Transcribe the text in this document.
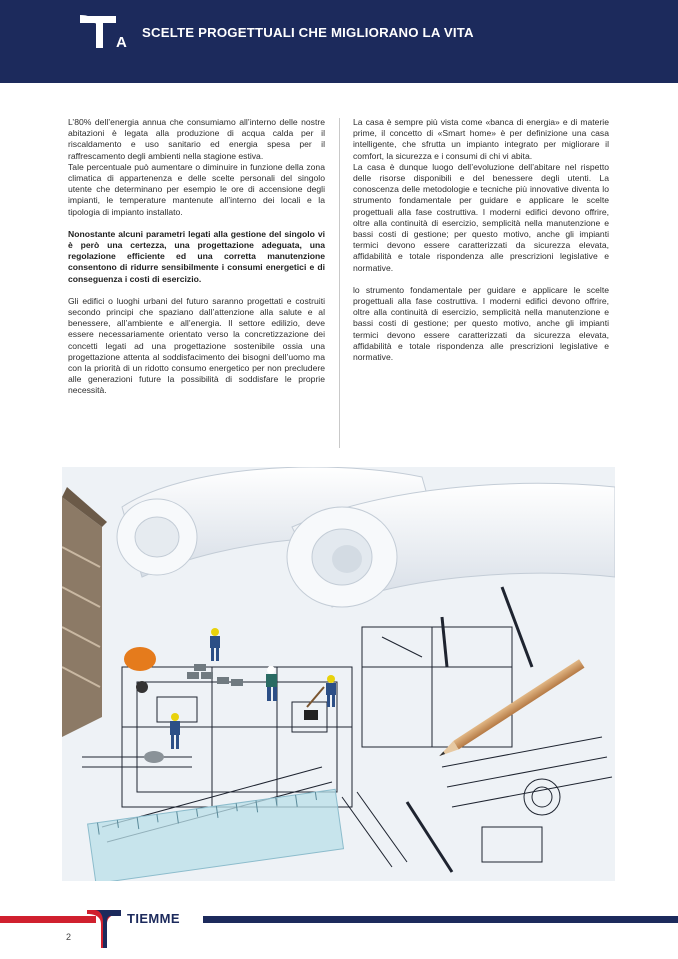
A
SCELTE PROGETTUALI CHE MIGLIORANO LA VITA

L’80% dell’energia annua che consumiamo all’interno delle nostre abitazioni è legata alla produzione di acqua calda per il riscaldamento e uso sanitario ed energia spesa per il raffrescamento degli ambienti nella stagione estiva.

Tale percentuale può aumentare o diminuire in funzione della zona climatica di appartenenza e delle scelte personali del singolo utente che determinano per esempio le ore di accensione degli impianti, le temperature mantenute all’interno dei locali e la tipologia di impianto installato.

Nonostante alcuni parametri legati alla gestione del singolo vi è però una certezza, una progettazione adeguata, una regolazione efficiente ed una corretta manutenzione consentono di ridurre sensibilmente i consumi energetici e di conseguenza i costi di esercizio.

Gli edifici o luoghi urbani del futuro saranno progettati e costruiti secondo principi che spaziano dall’attenzione alla salute e al benessere, all’ambiente e all’energia. Il settore edilizio, deve essere necessariamente orientato verso la concretizzazione dei concetti legati ad una progettazione sostenibile ossia una progettazione attenta al soddisfacimento dei bisogni dell’uomo ma con la priorità di un ridotto consumo energetico per non precludere alle generazioni future la possibilità di soddisfare le proprie necessità.

La casa è sempre più vista come «banca di energia» e di materie prime, il concetto di «Smart home» è per definizione una casa intelligente, che sfrutta un impianto integrato per migliorare il comfort, la sicurezza e i consumi di chi vi abita.

La casa è dunque luogo dell’evoluzione dell’abitare nel rispetto delle risorse disponibili e del benessere degli utenti. La conoscenza delle metodologie e tecniche più innovative diventa lo strumento fondamentale per guidare e applicare le scelte progettuali alla fase costruttiva. I moderni edifici devono offrire, oltre alla continuità di esercizio, semplicità nella manutenzione e bassi costi di gestione; per questo motivo, anche gli impianti termici devono essere caratterizzati da sicurezza elevata, affidabilità e totale rispondenza alle prescrizioni legislative e normative.

lo strumento fondamentale per guidare e applicare le scelte progettuali alla fase costruttiva. I moderni edifici devono offrire, oltre alla continuità di esercizio, semplicità nella manutenzione e bassi costi di gestione; per questo motivo, anche gli impianti termici devono essere caratterizzati da sicurezza elevata, affidabilità e totale rispondenza alle prescrizioni legislative e normative.

TIEMME
2
